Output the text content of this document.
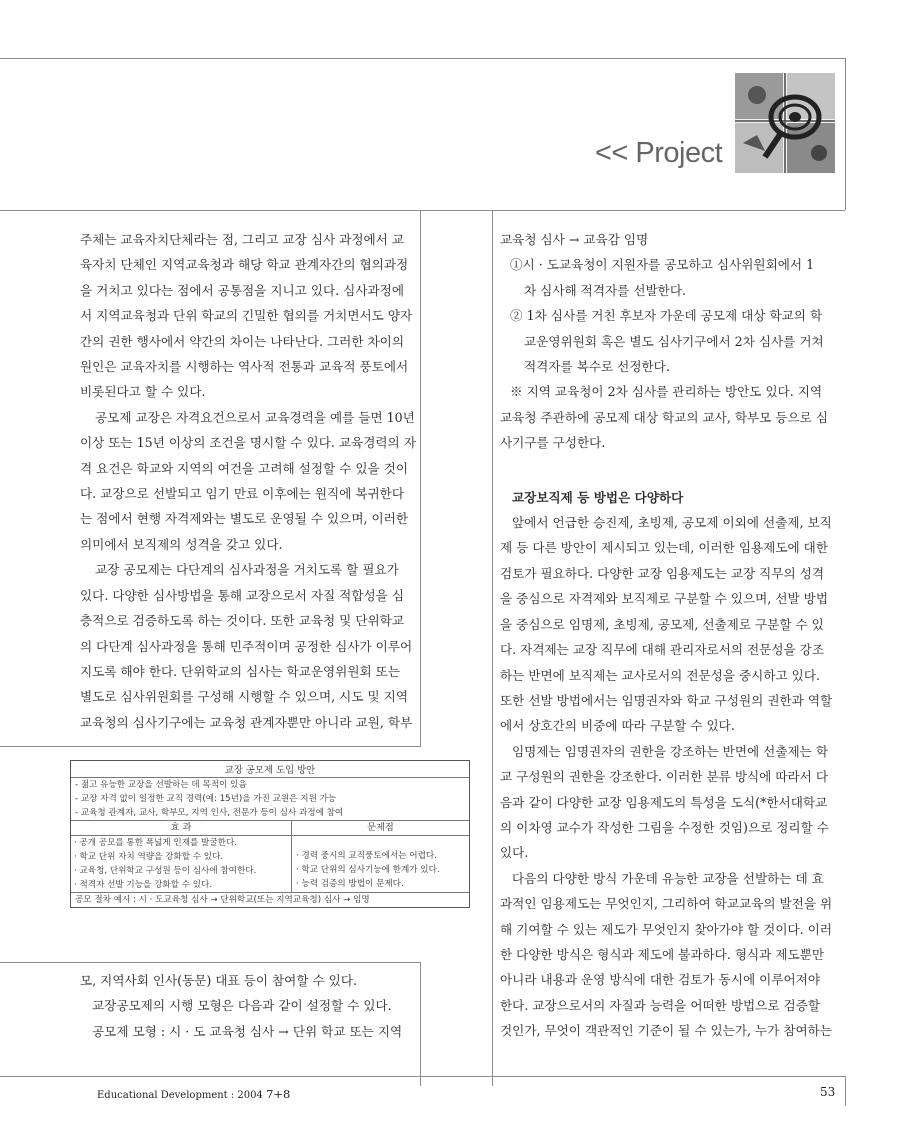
<< Project

주체는 교육자치단체라는 점, 그리고 교장 심사 과정에서 교
육자치 단체인 지역교육청과 해당 학교 관계자간의 협의과정
을 거치고 있다는 점에서 공통점을 지니고 있다. 심사과정에
서 지역교육청과 단위 학교의 긴밀한 협의를 거치면서도 양자
간의 권한 행사에서 약간의 차이는 나타난다. 그러한 차이의
원인은 교육자치를 시행하는 역사적 전통과 교육적 풍토에서
비롯된다고 할 수 있다.

공모제 교장은 자격요건으로서 교육경력을 예를 들면 10년
이상 또는 15년 이상의 조건을 명시할 수 있다. 교육경력의 자
격 요건은 학교와 지역의 여건을 고려해 설정할 수 있을 것이
다. 교장으로 선발되고 임기 만료 이후에는 원직에 복귀한다
는 점에서 현행 자격제와는 별도로 운영될 수 있으며, 이러한
의미에서 보직제의 성격을 갖고 있다.

교장 공모제는 다단계의 심사과정을 거치도록 할 필요가
있다. 다양한 심사방법을 통해 교장으로서 자질 적합성을 심
층적으로 검증하도록 하는 것이다. 또한 교육청 및 단위학교
의 다단계 심사과정을 통해 민주적이며 공정한 심사가 이루어
지도록 해야 한다. 단위학교의 심사는 학교운영위원회 또는
별도로 심사위원회를 구성해 시행할 수 있으며, 시도 및 지역
교육청의 심사기구에는 교육청 관계자뿐만 아니라 교원, 학부

교장 공모제 도입 방안
- 젊고 유능한 교장을 선발하는 데 목적이 있음
- 교장 자격 없이 일정한 교직 경력(예: 15년)을 가진 교원은 지원 가능
- 교육청 관계자, 교사, 학부모, 지역 인사, 전문가 등이 심사 과정에 참여
효 과	문제점
· 공개 공모를 통한 폭넓게 인재를 발굴한다.
· 학교 단위 자치 역량을 강화할 수 있다.
· 교육청, 단위학교 구성원 등이 심사에 참여한다.
· 적격자 선발 기능을 강화할 수 있다.
· 경력 중시의 교직풍토에서는 어렵다.
· 학교 단위의 심사기능에 한계가 있다.
· 능력 검증의 방법이 문제다.
공모 절차 예시 : 시 · 도교육청 심사 → 단위학교(또는 지역교육청) 심사 → 임명

모, 지역사회 인사(동문) 대표 등이 참여할 수 있다.
교장공모제의 시행 모형은 다음과 같이 설정할 수 있다.
공모제 모형 : 시 · 도 교육청 심사 → 단위 학교 또는 지역

교육청 심사 → 교육감 임명
①시 · 도교육청이 지원자를 공모하고 심사위원회에서 1
차 심사해 적격자를 선발한다.
② 1차 심사를 거친 후보자 가운데 공모제 대상 학교의 학
교운영위원회 혹은 별도 심사기구에서 2차 심사를 거쳐
적격자를 복수로 선정한다.
※ 지역 교육청이 2차 심사를 관리하는 방안도 있다. 지역
교육청 주관하에 공모제 대상 학교의 교사, 학부모 등으로 심
사기구를 구성한다.

교장보직제 등 방법은 다양하다

앞에서 언급한 승진제, 초빙제, 공모제 이외에 선출제, 보직
제 등 다른 방안이 제시되고 있는데, 이러한 임용제도에 대한
검토가 필요하다. 다양한 교장 임용제도는 교장 직무의 성격
을 중심으로 자격제와 보직제로 구분할 수 있으며, 선발 방법
을 중심으로 임명제, 초빙제, 공모제, 선출제로 구분할 수 있
다. 자격제는 교장 직무에 대해 관리자로서의 전문성을 강조
하는 반면에 보직제는 교사로서의 전문성을 중시하고 있다.
또한 선발 방법에서는 임명권자와 학교 구성원의 권한과 역할
에서 상호간의 비중에 따라 구분할 수 있다.

임명제는 임명권자의 권한을 강조하는 반면에 선출제는 학
교 구성원의 권한을 강조한다. 이러한 분류 방식에 따라서 다
음과 같이 다양한 교장 임용제도의 특성을 도식(*한서대학교
의 이차영 교수가 작성한 그림을 수정한 것임)으로 정리할 수
있다.

다음의 다양한 방식 가운데 유능한 교장을 선발하는 데 효
과적인 임용제도는 무엇인지, 그리하여 학교교육의 발전을 위
해 기여할 수 있는 제도가 무엇인지 찾아가야 할 것이다. 이러
한 다양한 방식은 형식과 제도에 불과하다. 형식과 제도뿐만
아니라 내용과 운영 방식에 대한 검토가 동시에 이루어져야
한다. 교장으로서의 자질과 능력을 어떠한 방법으로 검증할
것인가, 무엇이 객관적인 기준이 될 수 있는가, 누가 참여하는

Educational Development : 2004 7+8	53
